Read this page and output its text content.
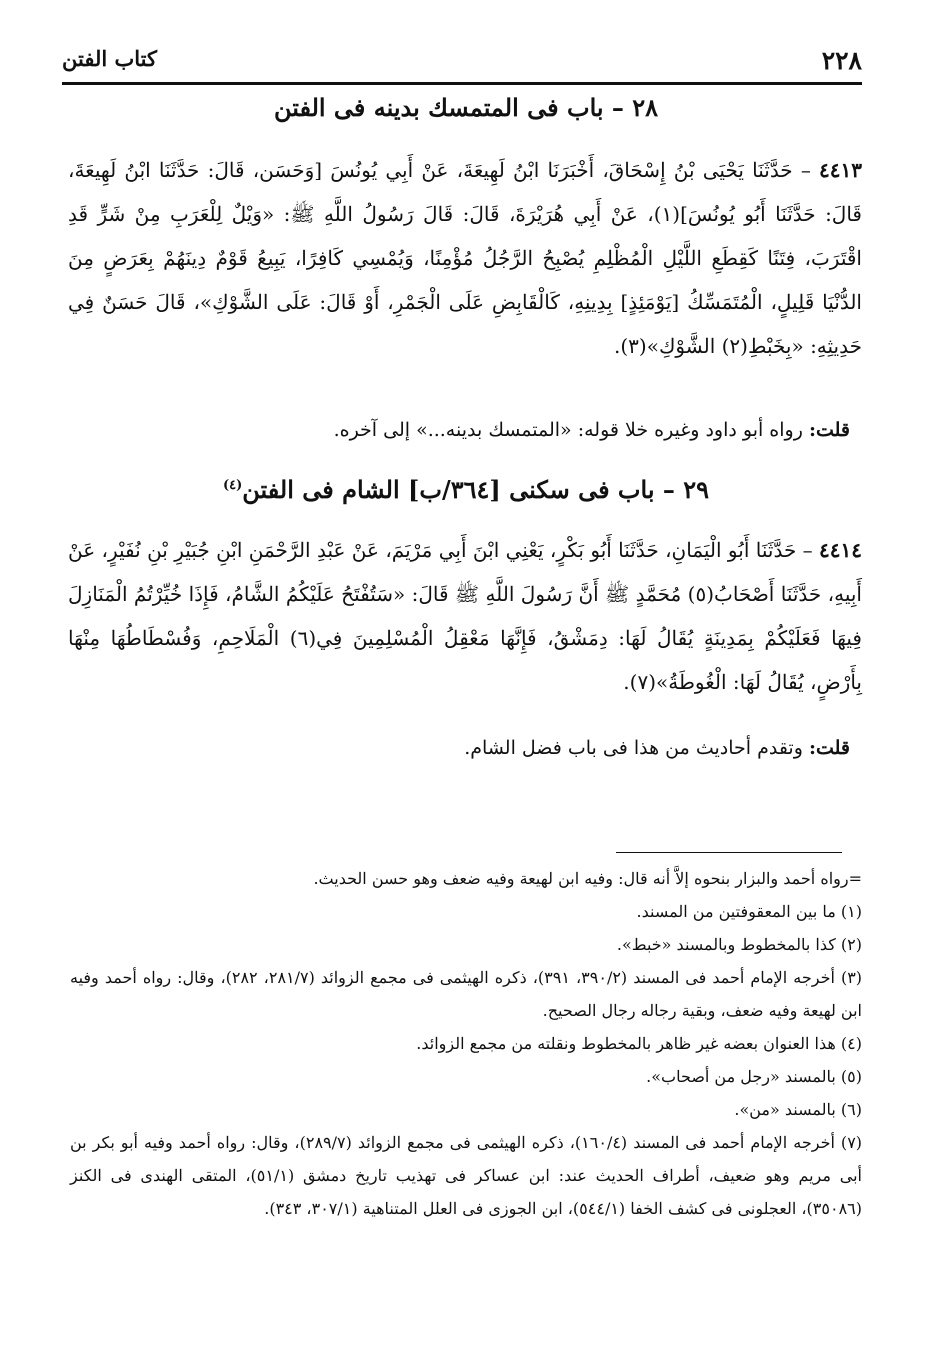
٢٢٨
كتاب الفتن
٢٨ – باب فى المتمسك بدينه فى الفتن
٤٤١٣ – حَدَّثَنَا يَحْيَى بْنُ إِسْحَاقَ، أَخْبَرَنَا ابْنُ لَهِيعَةَ، عَنْ أَبِي يُونُسَ [وَحَسَن، قَالَ: حَدَّثَنَا ابْنُ لَهِيعَةَ، قَالَ: حَدَّثَنَا أَبُو يُونُسَ](١)، عَنْ أَبِي هُرَيْرَةَ، قَالَ: قَالَ رَسُولُ اللَّهِ ﷺ: «وَيْلٌ لِلْعَرَبِ مِنْ شَرٍّ قَدِ اقْتَرَبَ، فِتَنًا كَقِطَعِ اللَّيْلِ الْمُظْلِمِ يُصْبِحُ الرَّجُلُ مُؤْمِنًا، وَيُمْسِي كَافِرًا، يَبِيعُ قَوْمٌ دِينَهُمْ بِعَرَضٍ مِنَ الدُّنْيَا قَلِيلٍ، الْمُتَمَسِّكُ [يَوْمَئِذٍ] بِدِينِهِ، كَالْقَابِضِ عَلَى الْجَمْرِ، أَوْ قَالَ: عَلَى الشَّوْكِ»، قَالَ حَسَنٌ فِي حَدِيثِهِ: «بِخَبْطِ(٢) الشَّوْكِ»(٣).
قلت: رواه أبو داود وغيره خلا قوله: «المتمسك بدينه...» إلى آخره.
٢٩ – باب فى سكنى [٣٦٤/ب] الشام فى الفتن$^{(٤)}$
٤٤١٤ – حَدَّثَنَا أَبُو الْيَمَانِ، حَدَّثَنَا أَبُو بَكْرٍ، يَعْنِي ابْنَ أَبِي مَرْيَمَ، عَنْ عَبْدِ الرَّحْمَنِ ابْنِ جُبَيْرِ بْنِ نُفَيْرٍ، عَنْ أَبِيهِ، حَدَّثَنَا أَصْحَابُ(٥) مُحَمَّدٍ ﷺ أَنَّ رَسُولَ اللَّهِ ﷺ قَالَ: «سَتُفْتَحُ عَلَيْكُمُ الشَّامُ، فَإِذَا خُيِّرْتُمُ الْمَنَازِلَ فِيهَا فَعَلَيْكُمْ بِمَدِينَةٍ يُقَالُ لَهَا: دِمَشْقُ، فَإِنَّهَا مَعْقِلُ الْمُسْلِمِينَ فِي(٦) الْمَلَاحِمِ، وَفُسْطَاطُهَا مِنْهَا بِأَرْضٍ، يُقَالُ لَهَا: الْغُوطَةُ»(٧).
قلت: وتقدم أحاديث من هذا فى باب فضل الشام.

=رواه أحمد والبزار بنحوه إلاَّ أنه قال: وفيه ابن لهيعة وفيه ضعف وهو حسن الحديث.

(١) ما بين المعقوفتين من المسند.

(٢) كذا بالمخطوط وبالمسند «خبط».

(٣) أخرجه الإمام أحمد فى المسند (٣٩٠/٢، ٣٩١)، ذكره الهيثمى فى مجمع الزوائد (٢٨١/٧، ٢٨٢)، وقال: رواه أحمد وفيه ابن لهيعة وفيه ضعف، وبقية رجاله رجال الصحيح.

(٤) هذا العنوان بعضه غير ظاهر بالمخطوط ونقلته من مجمع الزوائد.

(٥) بالمسند «رجل من أصحاب».

(٦) بالمسند «من».

(٧) أخرجه الإمام أحمد فى المسند (١٦٠/٤)، ذكره الهيثمى فى مجمع الزوائد (٢٨٩/٧)، وقال: رواه أحمد وفيه أبو بكر بن أبى مريم وهو ضعيف، أطراف الحديث عند: ابن عساكر فى تهذيب تاريخ دمشق (٥١/١)، المتقى الهندى فى الكنز (٣٥٠٨٦)، العجلونى فى كشف الخفا (٥٤٤/١)، ابن الجوزى فى العلل المتناهية (٣٠٧/١، ٣٤٣).
